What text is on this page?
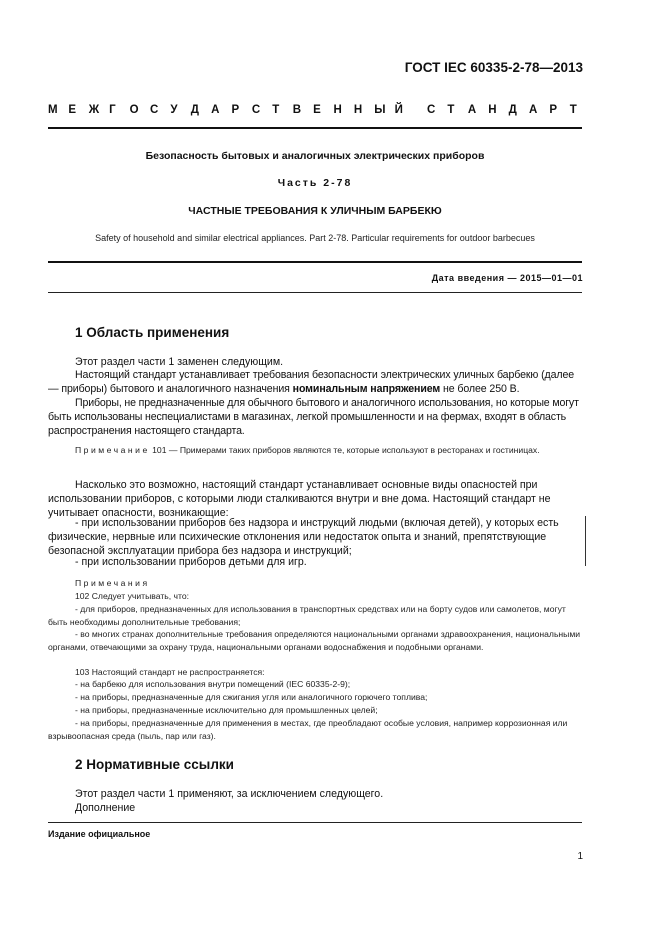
ГОСТ IEC 60335-2-78—2013
М Е Ж Г О С У Д А Р С Т В Е Н Н Ы Й С Т А Н Д А Р Т
Безопасность бытовых и аналогичных электрических приборов
Часть 2-78
ЧАСТНЫЕ ТРЕБОВАНИЯ К УЛИЧНЫМ БАРБЕКЮ
Safety of household and similar electrical appliances. Part 2-78. Particular requirements for outdoor barbecues
Дата введения — 2015—01—01
1 Область применения
Этот раздел части 1 заменен следующим.
Настоящий стандарт устанавливает требования безопасности электрических уличных барбекю (далее — приборы) бытового и аналогичного назначения номинальным напряжением не более 250 В.
Приборы, не предназначенные для обычного бытового и аналогичного использования, но которые могут быть использованы неспециалистами в магазинах, легкой промышленности и на фермах, входят в область распространения настоящего стандарта.
Примечание 101 — Примерами таких приборов являются те, которые используют в ресторанах и гостиницах.
Насколько это возможно, настоящий стандарт устанавливает основные виды опасностей при использовании приборов, с которыми люди сталкиваются внутри и вне дома. Настоящий стандарт не учитывает опасности, возникающие:
- при использовании приборов без надзора и инструкций людьми (включая детей), у которых есть физические, нервные или психические отклонения или недостаток опыта и знаний, препятствующие безопасной эксплуатации прибора без надзора и инструкций;
- при использовании приборов детьми для игр.
Примечания
102 Следует учитывать, что:
- для приборов, предназначенных для использования в транспортных средствах или на борту судов или самолетов, могут быть необходимы дополнительные требования;
- во многих странах дополнительные требования определяются национальными органами здравоохранения, национальными органами, отвечающими за охрану труда, национальными органами водоснабжения и подобными органами.
103 Настоящий стандарт не распространяется:
- на барбекю для использования внутри помещений (IEC 60335-2-9);
- на приборы, предназначенные для сжигания угля или аналогичного горючего топлива;
- на приборы, предназначенные исключительно для промышленных целей;
- на приборы, предназначенные для применения в местах, где преобладают особые условия, например коррозионная или взрывоопасная среда (пыль, пар или газ).
2 Нормативные ссылки
Этот раздел части 1 применяют, за исключением следующего.
Дополнение
Издание официальное
1
